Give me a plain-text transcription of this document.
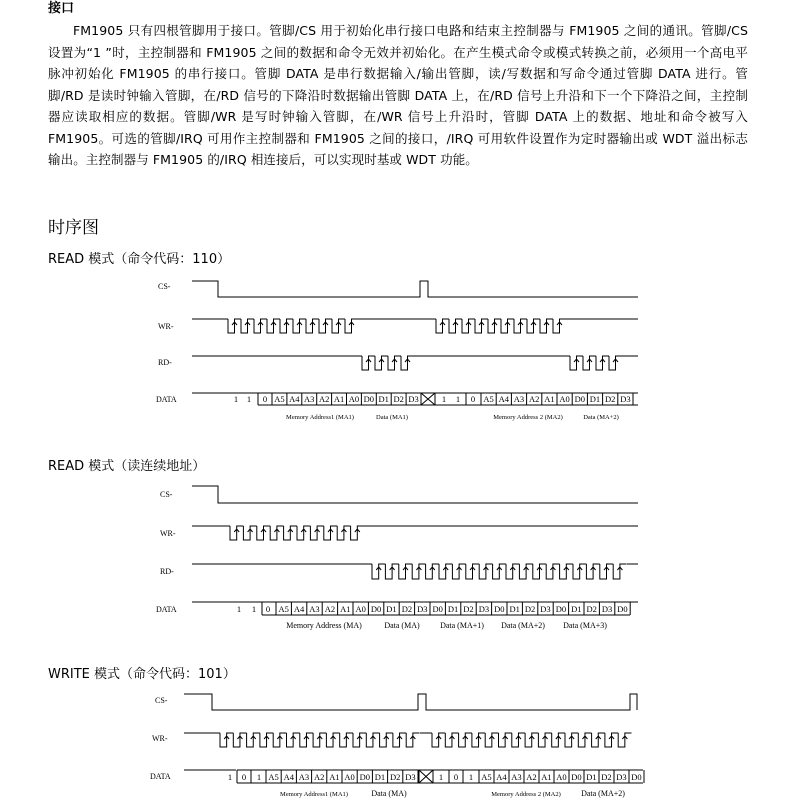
接口
FM1905 只有四根管脚用于接口。管脚/CS 用于初始化串行接口电路和结束主控制器与 FM1905 之间的通讯。管脚/CS 设置为“1 ”时，主控制器和 FM1905 之间的数据和命令无效并初始化。在产生模式命令或模式转换之前，必须用一个高电平脉冲初始化 FM1905 的串行接口。管脚 DATA 是串行数据输入/输出管脚，读/写数据和写命令通过管脚 DATA 进行。管脚/RD 是读时钟输入管脚，在/RD 信号的下降沿时数据输出管脚 DATA 上，在/RD 信号上升沿和下一个下降沿之间，主控制器应读取相应的数据。管脚/WR 是写时钟输入管脚，在/WR 信号上升沿时，管脚 DATA 上的数据、地址和命令被写入 FM1905。可选的管脚/IRQ 可用作主控制器和 FM1905 之间的接口，/IRQ 可用软件设置作为定时器输出或 WDT 溢出标志输出。主控制器与 FM1905 的/IRQ 相连接后，可以实现时基或 WDT 功能。
时序图
READ 模式（命令代码：110）
CS-
WR-
RD-
DATA	1 1 0 A5 A4 A3 A2 A1 A0 D0 D1 D2 D3	1 1 0 A5 A4 A3 A2 A1 A0 D0 D1 D2 D3
Memory Address1 (MA1)	Data (MA1)	Memory Address 2 (MA2)	Data (MA+2)
READ 模式（读连续地址）
CS-
WR-
RD-
DATA	1 1 0 A5 A4 A3 A2 A1 A0 D0 D1 D2 D3 D0 D1 D2 D3 D0 D1 D2 D3 D0 D1 D2 D3 D0
Memory Address (MA)	Data (MA)	Data (MA+1) Data (MA+2) Data (MA+3)
WRITE 模式（命令代码：101）
CS-
WR-
DATA	1 0 1 A5 A4 A3 A2 A1 A0 D0 D1 D2 D3	1 0 1 A5 A4 A3 A2 A1 A0 D0 D1 D2 D3 D0
Memory Address1 (MA1)	Data (MA)	Memory Address 2 (MA2)	Data (MA+2)
